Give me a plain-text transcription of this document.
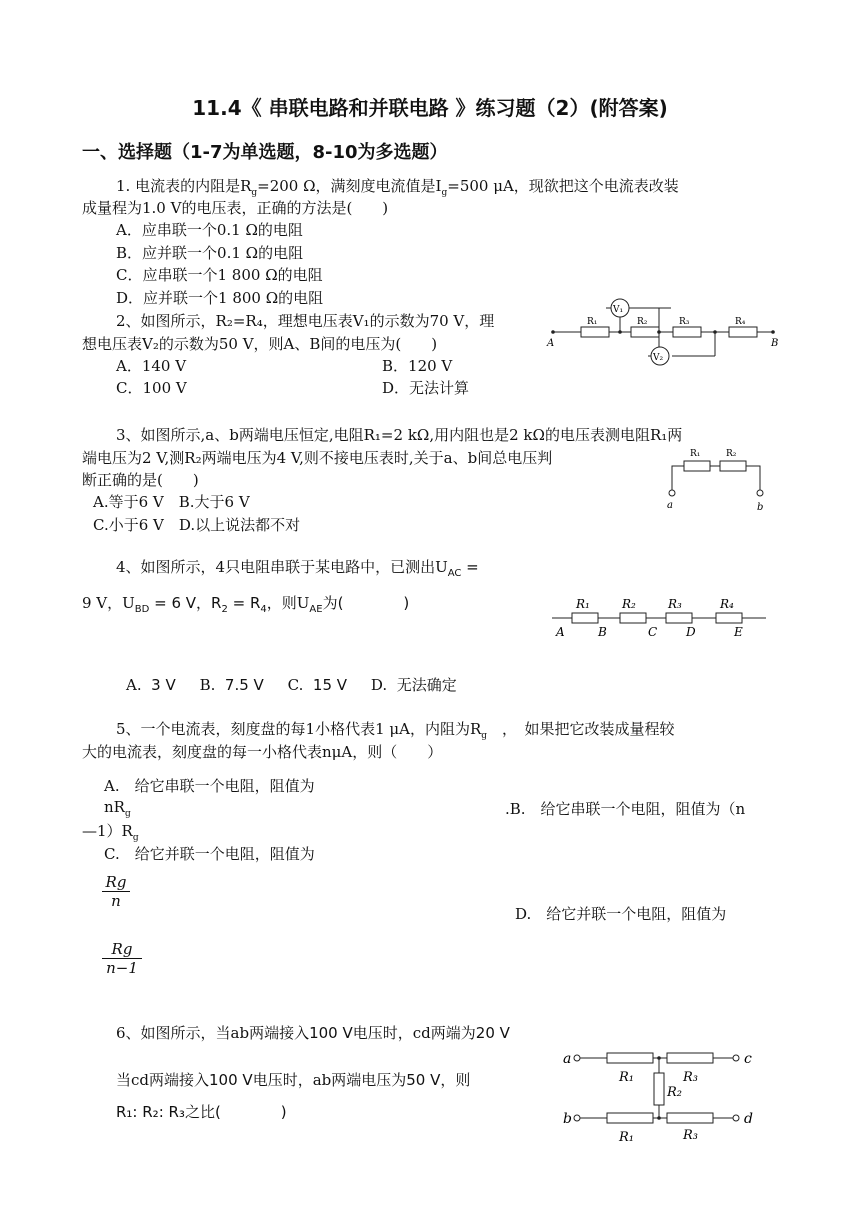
11.4《 串联电路和并联电路 》练习题（2）(附答案)
一、选择题（1-7为单选题，8-10为多选题）
1. 电流表的内阻是$R_g=200$ Ω，满刻度电流值是$I_g=500$ μA，现欲把这个电流表改装
成量程为1.0 V的电压表，正确的方法是(　　)
A．应串联一个0.1 Ω的电阻
B．应并联一个0.1 Ω的电阻
C．应串联一个1 800 Ω的电阻
D．应并联一个1 800 Ω的电阻
2、如图所示，R₂=R₄，理想电压表V₁的示数为70 V，理
想电压表V₂的示数为50 V，则A、B间的电压为(　　)
A．140 V	B．120 V
C．100 V	D．无法计算
V₁
V₂
R₁	R₂	R₃	R₄
A	B
3、如图所示,a、b两端电压恒定,电阻R₁=2 kΩ,用内阻也是2 kΩ的电压表测电阻R₁两
端电压为2 V,测R₂两端电压为4 V,则不接电压表时,关于a、b间总电压判
断正确的是(　　)
A.等于6 V　B.大于6 V
C.小于6 V　D.以上说法都不对
R₁	R₂
a	b
4、如图所示，4只电阻串联于某电路中，已测出$U_{AC}$ =
9 V，$U_{BD} = 6$ V，$R_2 = R_4$，则$U_{AE}$为(　　　　)
A. 3 V B. 7.5 V C. 15 V D. 无法确定
R₁	R₂	R₃	R₄
A	B	C D	E
5、一个电流表，刻度盘的每1小格代表1 μA，内阻为$R_g$　，　如果把它改装成量程较
大的电流表，刻度盘的每一小格代表nμA，则（　　）
A.　给它串联一个电阻，阻值为
$nR_g$	.B.　给它串联一个电阻，阻值为（n
$—1)R_g$
C.　给它并联一个电阻，阻值为
$\frac{Rg}{n}$
D.　给它并联一个电阻，阻值为
$\frac{Rg}{n-1}$
6、如图所示，当ab两端接入100 V电压时，cd两端为20 V
当cd两端接入100 V电压时，ab两端电压为50 V，则
R₁: R₂: R₃之比(　　　　)
a
b
c
d
R₁	R₃
R₂
R₁	R₃
